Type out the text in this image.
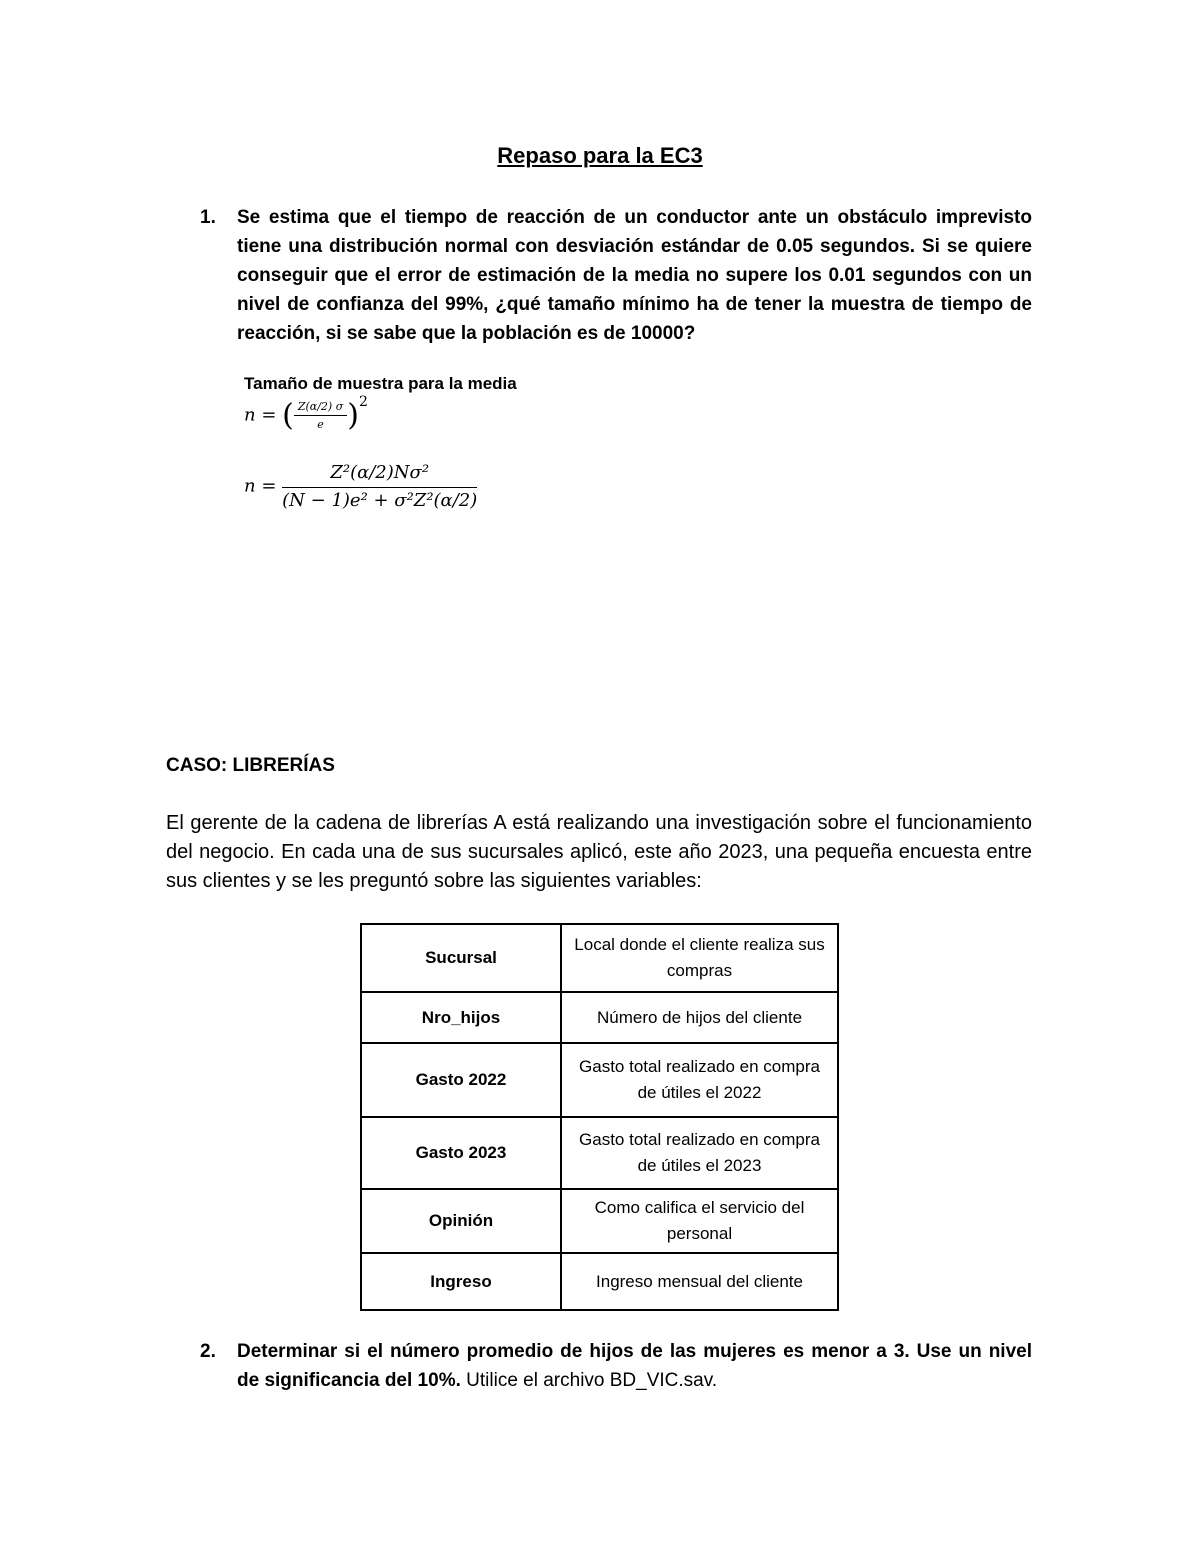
Repaso para la EC3
1. Se estima que el tiempo de reacción de un conductor ante un obstáculo imprevisto tiene una distribución normal con desviación estándar de 0.05 segundos. Si se quiere conseguir que el error de estimación de la media no supere los 0.01 segundos con un nivel de confianza del 99%, ¿qué tamaño mínimo ha de tener la muestra de tiempo de reacción, si se sabe que la población es de 10000?
Tamaño de muestra para la media
n = ( $\frac{Z(\alpha/2) \sigma}{e} )^2$
$n = \frac{\text{Z²(α/2)Nσ²}}{\text{(N − 1)e² + σ²Z²(α/2)}}$
CASO: LIBRERÍAS
El gerente de la cadena de librerías A está realizando una investigación sobre el funcionamiento del negocio. En cada una de sus sucursales aplicó, este año 2023, una pequeña encuesta entre sus clientes y se les preguntó sobre las siguientes variables:
Sucursal	Local donde el cliente realiza sus compras
Nro_hijos	Número de hijos del cliente
Gasto 2022	Gasto total realizado en compra de útiles el 2022
Gasto 2023	Gasto total realizado en compra de útiles el 2023
Opinión	Como califica el servicio del personal
Ingreso	Ingreso mensual del cliente
2. Determinar si el número promedio de hijos de las mujeres es menor a 3. Use un nivel de significancia del 10%. Utilice el archivo BD_VIC.sav.
